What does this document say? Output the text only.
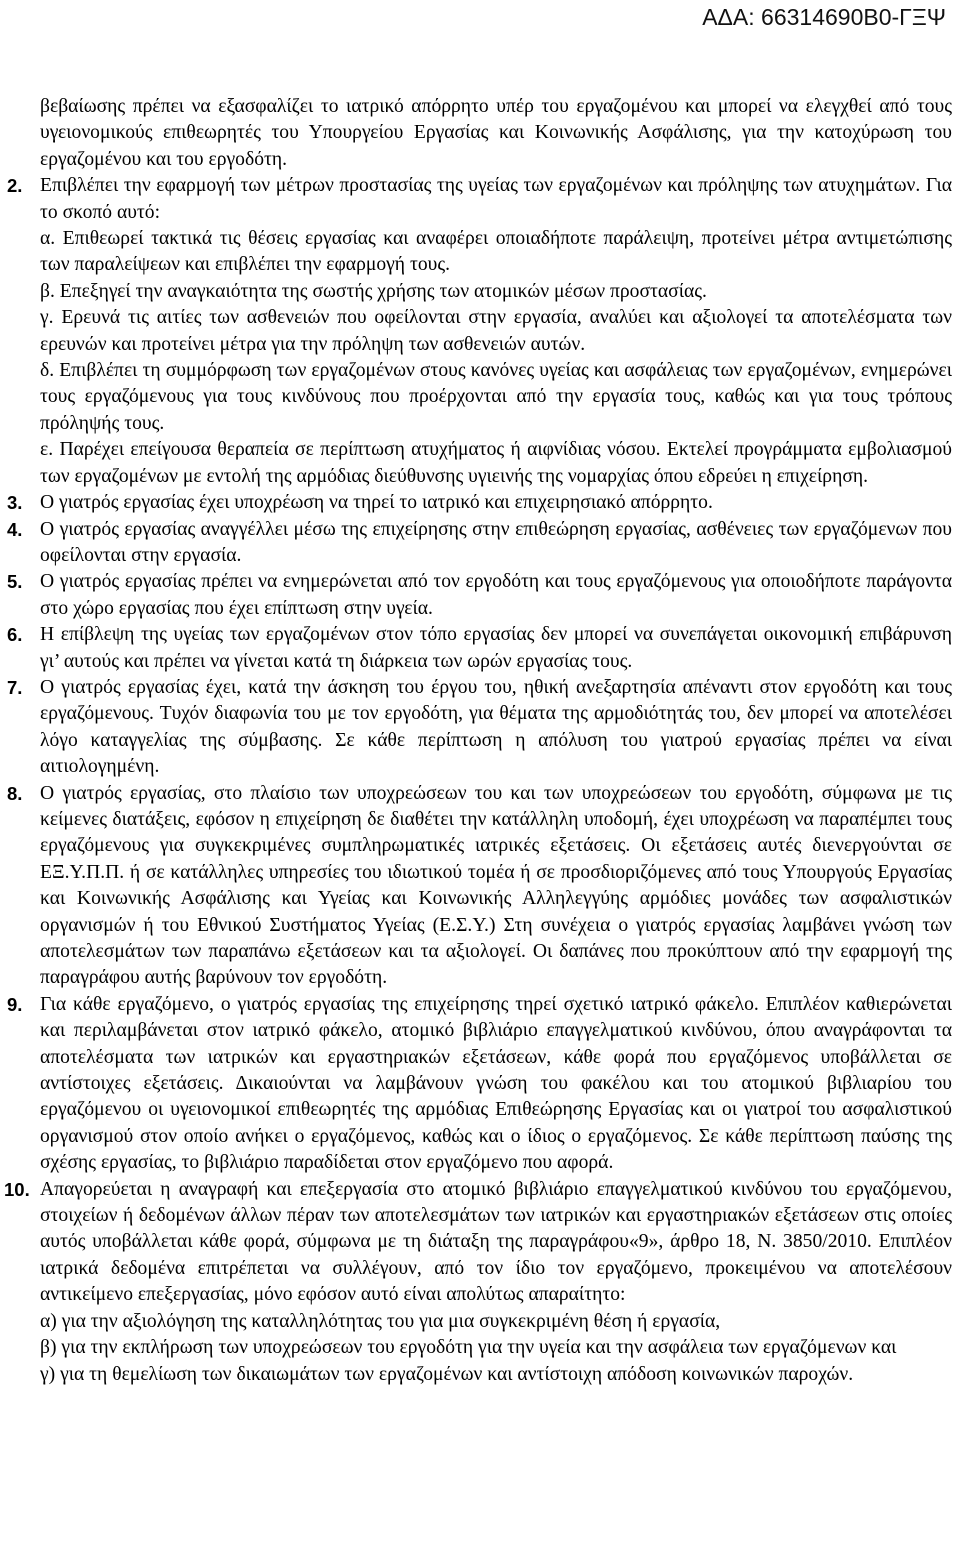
ΑΔΑ: 66314690Β0-ΓΞΨ
βεβαίωσης πρέπει να εξασφαλίζει το ιατρικό απόρρητο υπέρ του εργαζομένου και μπορεί να ελεγχθεί από τους υγειονομικούς επιθεωρητές του Υπουργείου Εργασίας και Κοινωνικής Ασφάλισης, για την κατοχύρωση του εργαζομένου και του εργοδότη.
2. Επιβλέπει την εφαρμογή των μέτρων προστασίας της υγείας των εργαζομένων και πρόληψης των ατυχημάτων. Για το σκοπό αυτό:
α. Επιθεωρεί τακτικά τις θέσεις εργασίας και αναφέρει οποιαδήποτε παράλειψη, προτείνει μέτρα αντιμετώπισης των παραλείψεων και επιβλέπει την εφαρμογή τους.
β. Επεξηγεί την αναγκαιότητα της σωστής χρήσης των ατομικών μέσων προστασίας.
γ. Ερευνά τις αιτίες των ασθενειών που οφείλονται στην εργασία, αναλύει και αξιολογεί τα αποτελέσματα των ερευνών και προτείνει μέτρα για την πρόληψη των ασθενειών αυτών.
δ. Επιβλέπει τη συμμόρφωση των εργαζομένων στους κανόνες υγείας και ασφάλειας των εργαζομένων, ενημερώνει τους εργαζόμενους για τους κινδύνους που προέρχονται από την εργασία τους, καθώς και για τους τρόπους πρόληψής τους.
ε. Παρέχει επείγουσα θεραπεία σε περίπτωση ατυχήματος ή αιφνίδιας νόσου. Εκτελεί προγράμματα εμβολιασμού των εργαζομένων με εντολή της αρμόδιας διεύθυνσης υγιεινής της νομαρχίας όπου εδρεύει η επιχείρηση.
3. Ο γιατρός εργασίας έχει υποχρέωση να τηρεί το ιατρικό και επιχειρησιακό απόρρητο.
4. Ο γιατρός εργασίας αναγγέλλει μέσω της επιχείρησης στην επιθεώρηση εργασίας, ασθένειες των εργαζόμενων που οφείλονται στην εργασία.
5. Ο γιατρός εργασίας πρέπει να ενημερώνεται από τον εργοδότη και τους εργαζόμενους για οποιοδήποτε παράγοντα στο χώρο εργασίας που έχει επίπτωση στην υγεία.
6. Η επίβλεψη της υγείας των εργαζομένων στον τόπο εργασίας δεν μπορεί να συνεπάγεται οικονομική επιβάρυνση γι’ αυτούς και πρέπει να γίνεται κατά τη διάρκεια των ωρών εργασίας τους.
7. Ο γιατρός εργασίας έχει, κατά την άσκηση του έργου του, ηθική ανεξαρτησία απέναντι στον εργοδότη και τους εργαζόμενους. Τυχόν διαφωνία του με τον εργοδότη, για θέματα της αρμοδιότητάς του, δεν μπορεί να αποτελέσει λόγο καταγγελίας της σύμβασης. Σε κάθε περίπτωση η απόλυση του γιατρού εργασίας πρέπει να είναι αιτιολογημένη.
8. Ο γιατρός εργασίας, στο πλαίσιο των υποχρεώσεων του και των υποχρεώσεων του εργοδότη, σύμφωνα με τις κείμενες διατάξεις, εφόσον η επιχείρηση δε διαθέτει την κατάλληλη υποδομή, έχει υποχρέωση να παραπέμπει τους εργαζόμενους για συγκεκριμένες συμπληρωματικές ιατρικές εξετάσεις. Οι εξετάσεις αυτές διενεργούνται σε ΕΞ.Υ.Π.Π. ή σε κατάλληλες υπηρεσίες του ιδιωτικού τομέα ή σε προσδιοριζόμενες από τους Υπουργούς Εργασίας και Κοινωνικής Ασφάλισης και Υγείας και Κοινωνικής Αλληλεγγύης αρμόδιες μονάδες των ασφαλιστικών οργανισμών ή του Εθνικού Συστήματος Υγείας (Ε.Σ.Υ.) Στη συνέχεια ο γιατρός εργασίας λαμβάνει γνώση των αποτελεσμάτων των παραπάνω εξετάσεων και τα αξιολογεί. Οι δαπάνες που προκύπτουν από την εφαρμογή της παραγράφου αυτής βαρύνουν τον εργοδότη.
9. Για κάθε εργαζόμενο, ο γιατρός εργασίας της επιχείρησης τηρεί σχετικό ιατρικό φάκελο. Επιπλέον καθιερώνεται και περιλαμβάνεται στον ιατρικό φάκελο, ατομικό βιβλιάριο επαγγελματικού κινδύνου, όπου αναγράφονται τα αποτελέσματα των ιατρικών και εργαστηριακών εξετάσεων, κάθε φορά που εργαζόμενος υποβάλλεται σε αντίστοιχες εξετάσεις. Δικαιούνται να λαμβάνουν γνώση του φακέλου και του ατομικού βιβλιαρίου του εργαζόμενου οι υγειονομικοί επιθεωρητές της αρμόδιας Επιθεώρησης Εργασίας και οι γιατροί του ασφαλιστικού οργανισμού στον οποίο ανήκει ο εργαζόμενος, καθώς και ο ίδιος ο εργαζόμενος. Σε κάθε περίπτωση παύσης της σχέσης εργασίας, το βιβλιάριο παραδίδεται στον εργαζόμενο που αφορά.
10. Απαγορεύεται η αναγραφή και επεξεργασία στο ατομικό βιβλιάριο επαγγελματικού κινδύνου του εργαζόμενου, στοιχείων ή δεδομένων άλλων πέραν των αποτελεσμάτων των ιατρικών και εργαστηριακών εξετάσεων στις οποίες αυτός υποβάλλεται κάθε φορά, σύμφωνα με τη διάταξη της παραγράφου«9», άρθρο 18, Ν. 3850/2010. Επιπλέον ιατρικά δεδομένα επιτρέπεται να συλλέγουν, από τον ίδιο τον εργαζόμενο, προκειμένου να αποτελέσουν αντικείμενο επεξεργασίας, μόνο εφόσον αυτό είναι απολύτως απαραίτητο:
α) για την αξιολόγηση της καταλληλότητας του για μια συγκεκριμένη θέση ή εργασία,
β) για την εκπλήρωση των υποχρεώσεων του εργοδότη για την υγεία και την ασφάλεια των εργαζόμενων και
γ) για τη θεμελίωση των δικαιωμάτων των εργαζομένων και αντίστοιχη απόδοση κοινωνικών παροχών.
